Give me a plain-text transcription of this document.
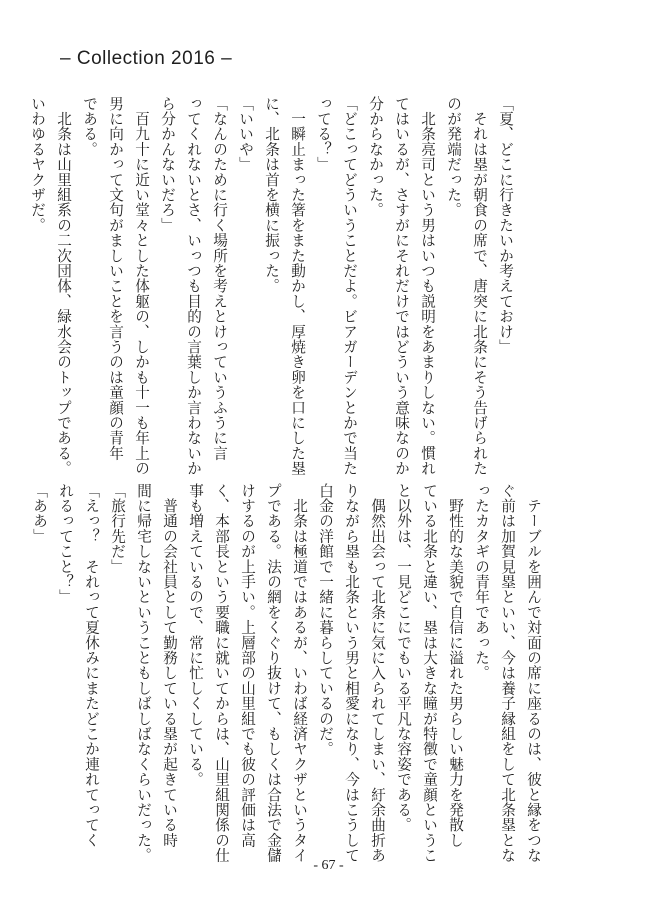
– Collection 2016 –

「夏、どこに行きたいか考えておけ」

　それは塁が朝食の席で、唐突に北条にそう告げられた

のが発端だった。

　北条亮司という男はいつも説明をあまりしない。慣れ

てはいるが、さすがにそれだけではどういう意味なのか

分からなかった。

「どこってどういうことだよ。ビアガーデンとかで当た

ってる？」

　一瞬止まった箸をまた動かし、厚焼き卵を口にした塁

に、北条は首を横に振った。

「いいや」

「なんのために行く場所を考えとけっていうふうに言

ってくれないとさ、いっつも目的の言葉しか言わないか

ら分かんないだろ」

　百九十に近い堂々とした体躯の、しかも十一も年上の

男に向かって文句がましいことを言うのは童顔の青年

である。

　北条は山里組系の二次団体、緑水会のトップである。

いわゆるヤクザだ。

　テーブルを囲んで対面の席に座るのは、彼と縁をつな

ぐ前は加賀見塁といい、今は養子縁組をして北条塁とな

ったカタギの青年であった。

　野性的な美貌で自信に溢れた男らしい魅力を発散し

ている北条と違い、塁は大きな瞳が特徴で童顔というこ

と以外は、一見どこにでもいる平凡な容姿である。

　偶然出会って北条に気に入られてしまい、紆余曲折あ

りながら塁も北条という男と相愛になり、今はこうして

白金の洋館で一緒に暮らしているのだ。

　北条は極道ではあるが、いわば経済ヤクザというタイ

プである。法の網をくぐり抜けて、もしくは合法で金儲

けするのが上手い。上層部の山里組でも彼の評価は高

く、本部長という要職に就いてからは、山里組関係の仕

事も増えているので、常に忙しくしている。

　普通の会社員として勤務している塁が起きている時

間に帰宅しないということもしばしばなくらいだった。

「旅行先だ」

「えっ？　それって夏休みにまたどこか連れてってく

れるってこと？」

「ああ」

- 67 -
